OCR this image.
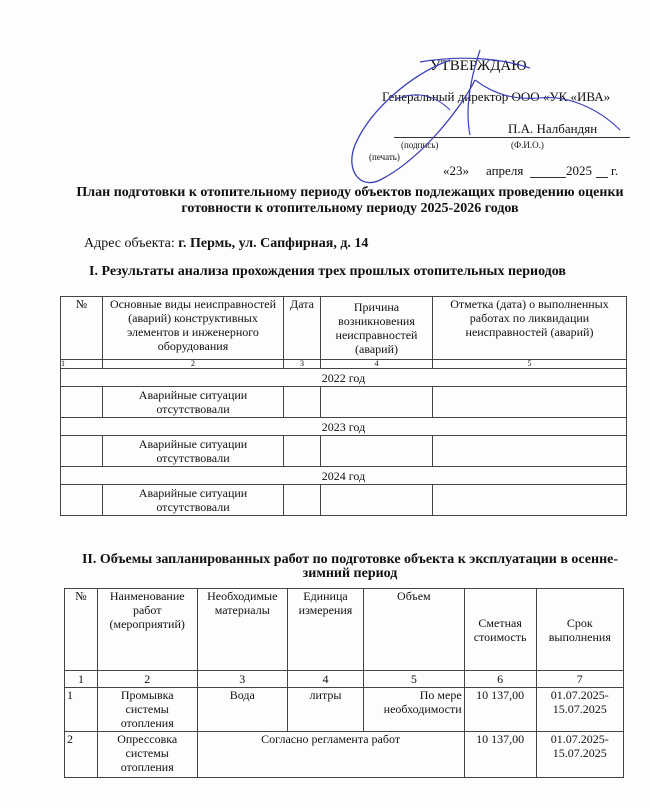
УТВЕРЖДАЮ
Генеральный директор ООО «УК «ИВА»
П.А. Налбандян
(подпись)	(Ф.И.О.)
(печать)
«23» апреля	2025 г.
План подготовки к отопительному периоду объектов подлежащих проведению оценки готовности к отопительному периоду 2025-2026 годов
Адрес объекта: г. Пермь, ул. Сапфирная, д. 14
I. Результаты анализа прохождения трех прошлых отопительных периодов
№	Основные виды неисправностей (аварий) конструктивных элементов и инженерного оборудования	Дата	Причина возникновения неисправностей (аварий)	Отметка (дата) о выполненных работах по ликвидации неисправностей (аварий)
1	2	3	4	5
2022 год				
	Аварийные ситуации отсутствовали			
2023 год				
	Аварийные ситуации отсутствовали			
2024 год				
	Аварийные ситуации отсутствовали			
II. Объемы запланированных работ по подготовке объекта к эксплуатации в осенне-зимний период
№	Наименование работ (мероприятий)	Необходимые материалы	Единица измерения	Объем	Сметная стоимость	Срок выполнения
1	2	3	4	5	6	7
1	Промывка системы отопления	Вода	литры	По мере необходимости	10 137,00	01.07.2025-15.07.2025
2	Опрессовка системы отопления	Согласно регламента работ			10 137,00	01.07.2025-15.07.2025
